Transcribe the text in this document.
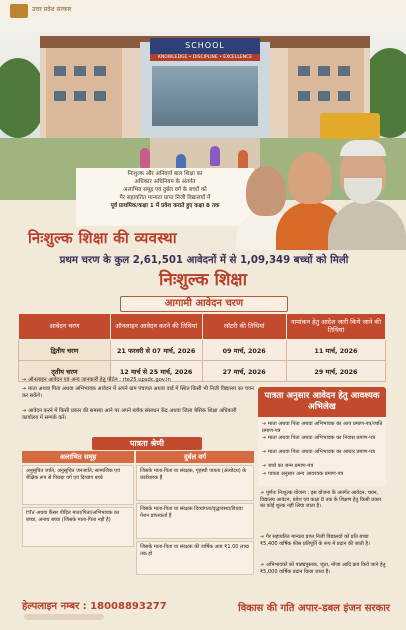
उत्तर प्रदेश सरकार
SCHOOL
KNOWLEDGE • DISCIPLINE • EXCELLENCE
निःशुल्क और अनिवार्य बाल शिक्षा का
अधिकार अधिनियम के अंतर्गत
अलाभित समूह एवं दुर्बल वर्ग के बच्चों को
गैर सहायतित मान्यता प्राप्त निजी विद्यालयों में
पूर्व प्राथमिक/कक्षा 1 में प्रवेश कराते हुए कक्षा 8 तक
निःशुल्क शिक्षा की व्यवस्था
प्रथम चरण के कुल 2,61,501 आवेदनों में से 1,09,349 बच्चों को मिली
निःशुल्क शिक्षा
आगामी आवेदन चरण
आवेदन चरण	ऑनलाइन आवेदन करने की तिथियां	लॉटरी की तिथियां	नामांकन हेतु आदेश जारी किये जाने की तिथियां
द्वितीय चरण	21 फरवरी से 07 मार्च, 2026	09 मार्च, 2026	11 मार्च, 2026
तृतीय चरण	12 मार्च से 25 मार्च, 2026	27 मार्च, 2026	29 मार्च, 2026
➜ ऑनलाइन आवेदन एवं अन्य जानकारी हेतु पोर्टल : rte25.upsdc.gov.in
➜ माता अथवा पिता अथवा अभिभावक आवेदन में अपने ग्राम पंचायत अथवा वार्ड में स्थित किसी भी निजी विद्यालय का चयन कर सकेंगे।
➜ आवेदन करने में किसी प्रकार की समस्या आने पर अपने ब्लॉक संसाधन केंद्र अथवा जिला बेसिक शिक्षा अधिकारी कार्यालय में सम्पर्क करें।
पात्रता अनुसार आवेदन हेतु आवश्यक अभिलेख
➜ माता अथवा पिता अथवा अभिभावक का आय प्रमाण-पत्र/जाति प्रमाण-पत्र
➜ माता अथवा पिता अथवा अभिभावक का निवास प्रमाण-पत्र
➜ माता अथवा पिता अथवा अभिभावक का आधार प्रमाण-पत्र
➜ बच्चे का जन्म प्रमाण-पत्र
➜ पात्रता अनुसार अन्य आवश्यक प्रमाण-पत्र
पात्रता श्रेणी
अलाभित समूह	दुर्बल वर्ग
अनुसूचित जाति, अनुसूचित जनजाति, सामाजिक एवं शैक्षिक रूप से पिछड़ा वर्ग एवं दिव्यांग बच्चे
HIV अथवा कैंसर पीड़ित माता/पिता/अभिभावक का बच्चा, अनाथ बच्चा (जिसके माता-पिता नहीं है)
जिसके माता-पिता या संरक्षक, गृहस्थी पात्रता (अंत्योदय) के कार्डधारक हैं
जिसके माता-पिता या संरक्षक दिव्यांगता/वृद्धावस्था/विधवा पेंशन प्राप्तकर्ता हैं
जिसके माता-पिता या संरक्षक की वार्षिक आय ₹1.00 लाख तक हो
➜ पूर्णतः निःशुल्क योजना : इस योजना के अंतर्गत आवेदन, चयन, विद्यालय आवंटन, प्रवेश एवं कक्षा 8 तक के शिक्षण हेतु किसी प्रकार का कोई शुल्क नहीं लिया जाता है।
➜ गैर सहायतित मान्यता प्राप्त निजी विद्यालयों को प्रति बच्चा ₹5,400 वार्षिक फीस प्रतिपूर्ति के रूप में प्रदान की जाती है।
➜ अभिभावकों को पाठ्यपुस्तक, जूता, मोजा आदि क्रय किये जाने हेतु ₹5,000 वार्षिक प्रदान किया जाता है।
हेल्पलाइन नम्बर : 18008893277	विकास की गति अपार-डबल इंजन सरकार
